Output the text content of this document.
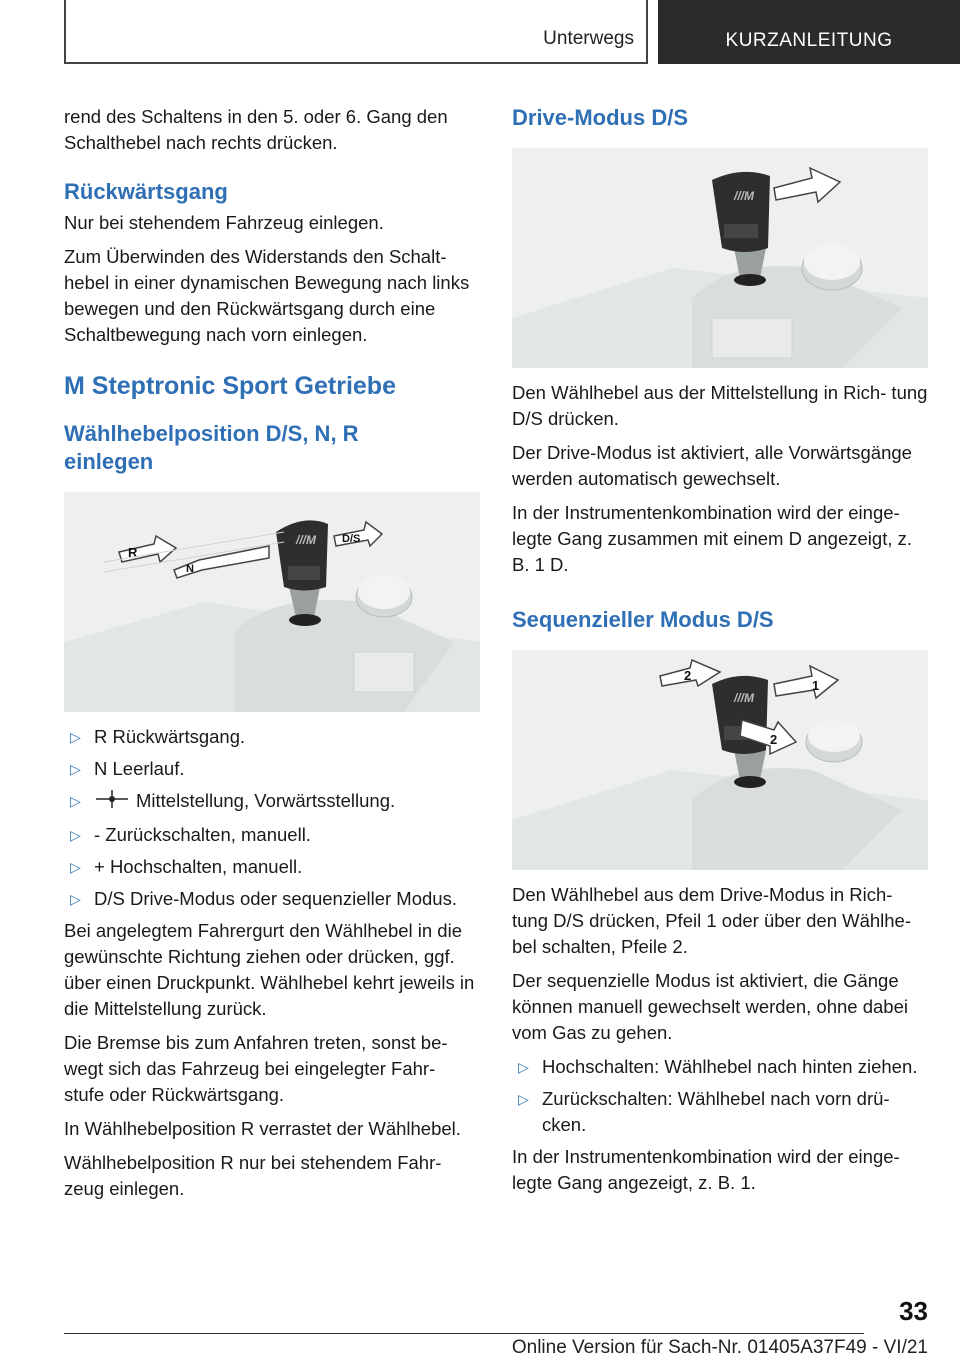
Unterwegs	KURZANLEITUNG

rend des Schaltens in den 5. oder 6. Gang den Schalthebel nach rechts drücken.

Rückwärtsgang

Nur bei stehendem Fahrzeug einlegen.

Zum Überwinden des Widerstands den Schalt‑ hebel in einer dynamischen Bewegung nach links bewegen und den Rückwärtsgang durch eine Schaltbewegung nach vorn einlegen.

M Steptronic Sport Getriebe
Wählhebelposition D/S, N, R
einlegen
///M
R
N
D/S
▷ R Rückwärtsgang.
▷ N Leerlauf.
▷	Mittelstellung, Vorwärtsstellung.
▷ - Zurückschalten, manuell.
▷ + Hochschalten, manuell.
▷ D/S Drive‑Modus oder sequenzieller Modus.

Bei angelegtem Fahrergurt den Wählhebel in die gewünschte Richtung ziehen oder drücken, ggf. über einen Druckpunkt. Wählhebel kehrt jeweils in die Mittelstellung zurück.

Die Bremse bis zum Anfahren treten, sonst be‑ wegt sich das Fahrzeug bei eingelegter Fahr‑ stufe oder Rückwärtsgang.

In Wählhebelposition R verrastet der Wählhebel.

Wählhebelposition R nur bei stehendem Fahr‑ zeug einlegen.

Drive‑Modus D/S
///M

Den Wählhebel aus der Mittelstellung in Rich‑ tung D/S drücken.

Der Drive‑Modus ist aktiviert, alle Vorwärtsgänge werden automatisch gewechselt.

In der Instrumentenkombination wird der einge‑ legte Gang zusammen mit einem D angezeigt, z. B. 1 D.

Sequenzieller Modus D/S
///M
2
1
2

Den Wählhebel aus dem Drive‑Modus in Rich‑ tung D/S drücken, Pfeil 1 oder über den Wählhe‑ bel schalten, Pfeile 2.

Der sequenzielle Modus ist aktiviert, die Gänge können manuell gewechselt werden, ohne dabei vom Gas zu gehen.

▷ Hochschalten: Wählhebel nach hinten ziehen.
▷ Zurückschalten: Wählhebel nach vorn drü‑ cken.

In der Instrumentenkombination wird der einge‑ legte Gang angezeigt, z. B. 1.

33
Online Version für Sach-Nr. 01405A37F49 - VI/21
